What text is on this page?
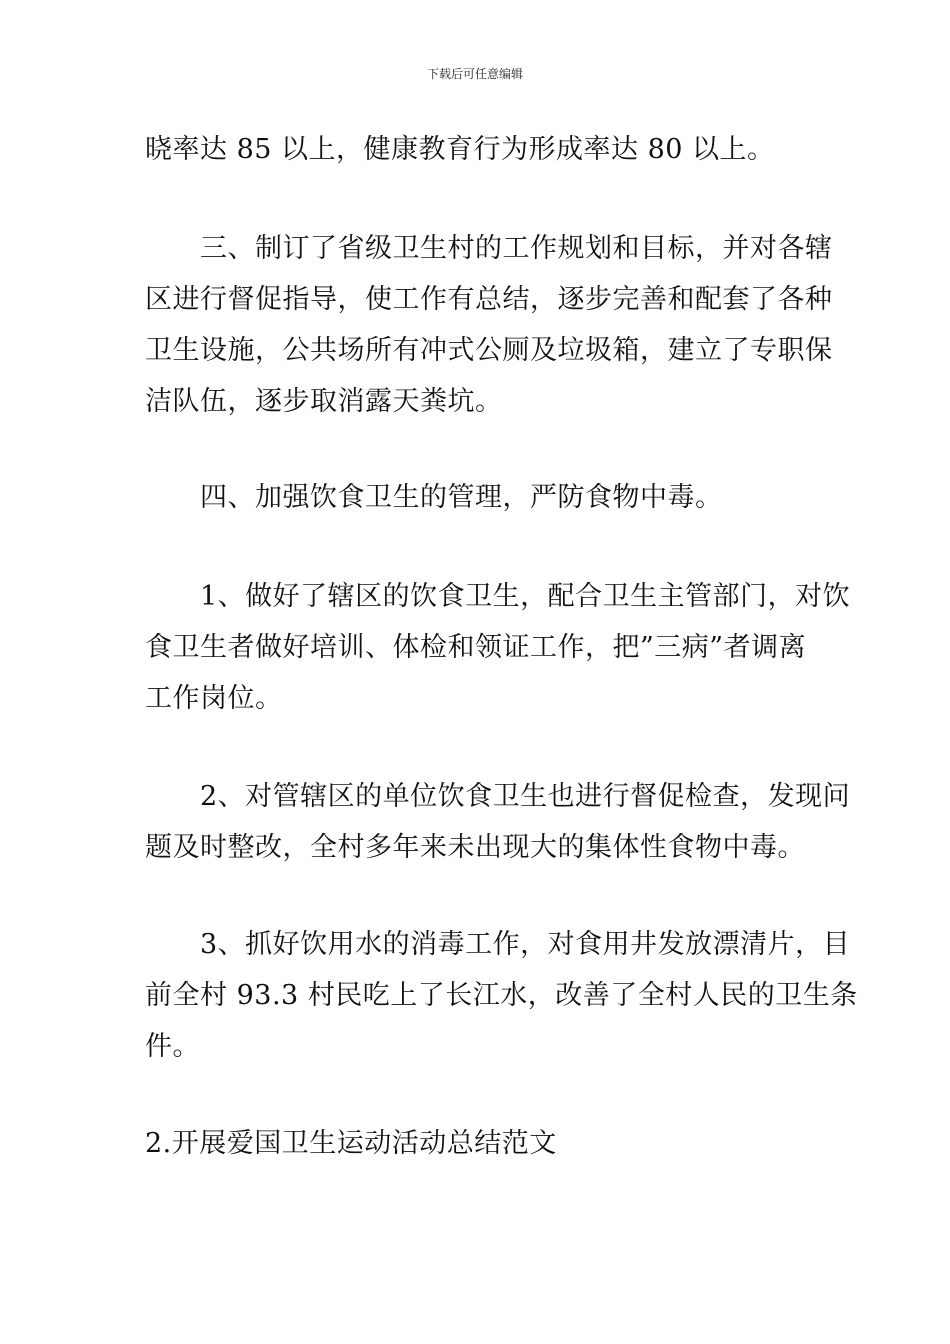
下载后可任意编辑
晓率达 85 以上，健康教育行为形成率达 80 以上。
　　三、制订了省级卫生村的工作规划和目标，并对各辖
区进行督促指导，使工作有总结，逐步完善和配套了各种
卫生设施，公共场所有冲式公厕及垃圾箱，建立了专职保
洁队伍，逐步取消露天粪坑。
　　四、加强饮食卫生的管理，严防食物中毒。
　　1、做好了辖区的饮食卫生，配合卫生主管部门，对饮
食卫生者做好培训、体检和领证工作，把”三病”者调离
工作岗位。
　　2、对管辖区的单位饮食卫生也进行督促检查，发现问
题及时整改，全村多年来未出现大的集体性食物中毒。
　　3、抓好饮用水的消毒工作，对食用井发放漂清片，目
前全村 93.3 村民吃上了长江水，改善了全村人民的卫生条
件。
2.开展爱国卫生运动活动总结范文
